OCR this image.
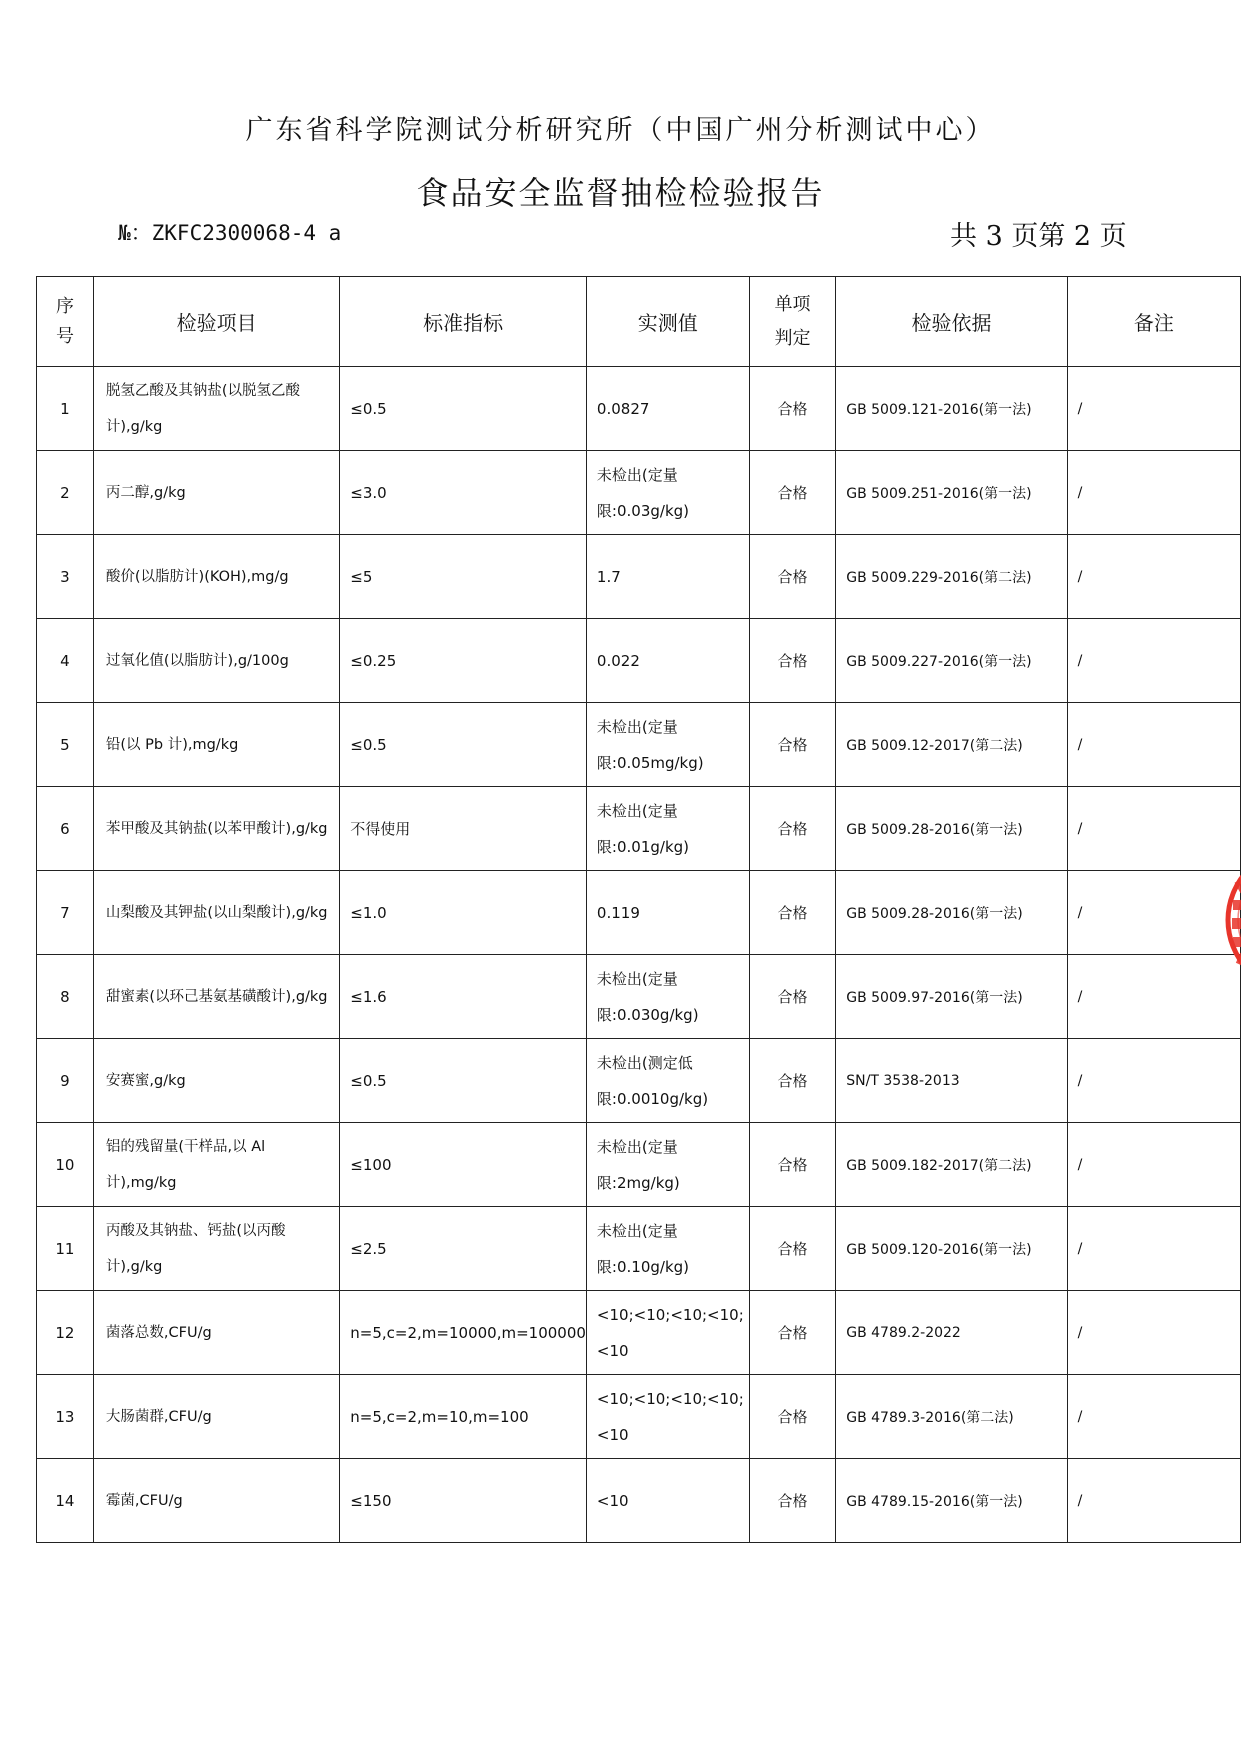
广东省科学院测试分析研究所（中国广州分析测试中心）
食品安全监督抽检检验报告
№：ZKFC2300068-4 a	共 3 页第 2 页
序号	检验项目	标准指标	实测值	单项判定	检验依据	备注

1	脱氢乙酸及其钠盐(以脱氢乙酸计),g/kg	≤0.5	0.0827	合格	GB 5009.121-2016(第一法)	/

2	丙二醇,g/kg	≤3.0	未检出(定量限:0.03g/kg)	合格	GB 5009.251-2016(第一法)	/

3	酸价(以脂肪计)(KOH),mg/g	≤5	1.7	合格	GB 5009.229-2016(第二法)	/

4	过氧化值(以脂肪计),g/100g	≤0.25	0.022	合格	GB 5009.227-2016(第一法)	/

5	铅(以 Pb 计),mg/kg	≤0.5	未检出(定量限:0.05mg/kg)	合格	GB 5009.12-2017(第二法)	/

6	苯甲酸及其钠盐(以苯甲酸计),g/kg	不得使用	未检出(定量限:0.01g/kg)	合格	GB 5009.28-2016(第一法)	/

7	山梨酸及其钾盐(以山梨酸计),g/kg	≤1.0	0.119	合格	GB 5009.28-2016(第一法)	/

8	甜蜜素(以环己基氨基磺酸计),g/kg	≤1.6	未检出(定量限:0.030g/kg)	合格	GB 5009.97-2016(第一法)	/

9	安赛蜜,g/kg	≤0.5	未检出(测定低限:0.0010g/kg)	合格	SN/T 3538-2013	/

10	铝的残留量(干样品,以 Al 计),mg/kg	≤100	未检出(定量限:2mg/kg)	合格	GB 5009.182-2017(第二法)	/

11	丙酸及其钠盐、钙盐(以丙酸计),g/kg	≤2.5	未检出(定量限:0.10g/kg)	合格	GB 5009.120-2016(第一法)	/

12	菌落总数,CFU/g	n=5,c=2,m=10000,m=100000	<10;<10;<10;<10;<10	合格	GB 4789.2-2022	/

13	大肠菌群,CFU/g	n=5,c=2,m=10,m=100	<10;<10;<10;<10;<10	合格	GB 4789.3-2016(第二法)	/

14	霉菌,CFU/g	≤150	<10	合格	GB 4789.15-2016(第一法)	/
